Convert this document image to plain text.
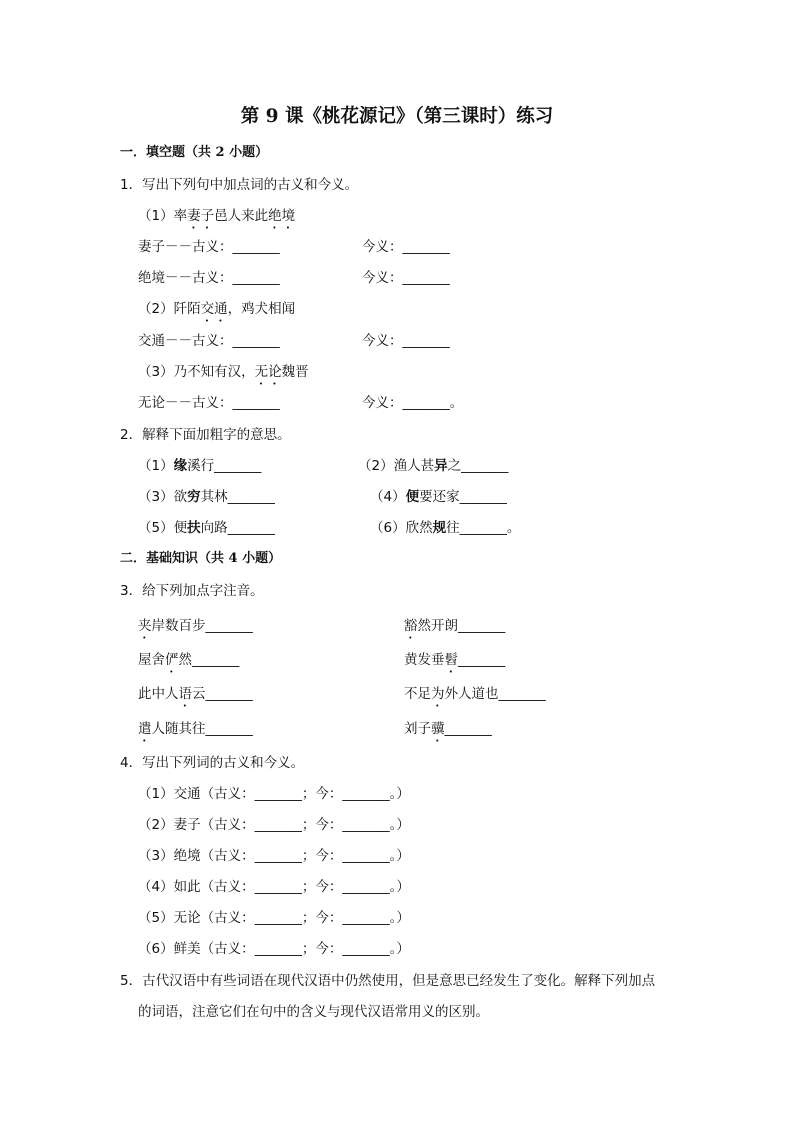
第 9 课《桃花源记》（第三课时）练习
一．填空题（共 2 小题）
1．写出下列句中加点词的古义和今义。
（1）率妻子邑人来此绝境
妻子－－古义：_______	今义：_______
绝境－－古义：_______	今义：_______
（2）阡陌交通，鸡犬相闻
交通－－古义：_______	今义：_______
（3）乃不知有汉，无论魏晋
无论－－古义：_______	今义：_______。
2．解释下面加粗字的意思。
（1）缘溪行_______	（2）渔人甚异之_______
（3）欲穷其林_______	（4）便要还家_______
（5）便扶向路_______	（6）欣然规往_______。
二．基础知识（共 4 小题）
3．给下列加点字注音。
夹岸数百步_______	豁然开朗_______
屋舍俨然_______	黄发垂髫_______
此中人语云_______	不足为外人道也_______
遣人随其往_______	刘子骥_______
4．写出下列词的古义和今义。
（1）交通（古义：_______；今：_______。）
（2）妻子（古义：_______；今：_______。）
（3）绝境（古义：_______；今：_______。）
（4）如此（古义：_______；今：_______。）
（5）无论（古义：_______；今：_______。）
（6）鲜美（古义：_______；今：_______。）
5．古代汉语中有些词语在现代汉语中仍然使用，但是意思已经发生了变化。解释下列加点
的词语，注意它们在句中的含义与现代汉语常用义的区别。
